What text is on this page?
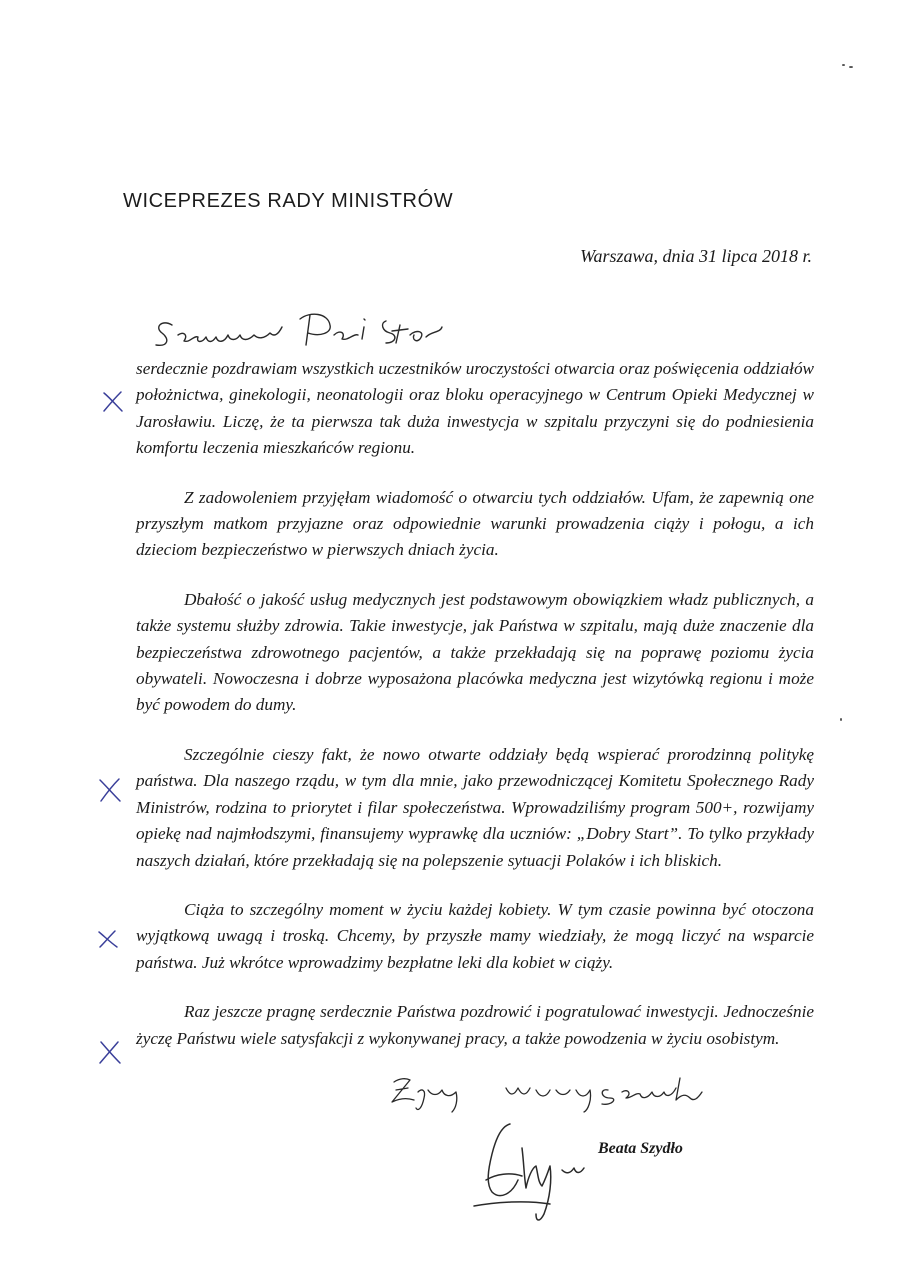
WICEPREZES RADY MINISTRÓW
Warszawa, dnia 31 lipca 2018 r.

serdecznie pozdrawiam wszystkich uczestników uroczystości otwarcia oraz poświęcenia oddziałów położnictwa, ginekologii, neonatologii oraz bloku operacyjnego w Centrum Opieki Medycznej w Jarosławiu. Liczę, że ta pierwsza tak duża inwestycja w szpitalu przyczyni się do podniesienia komfortu leczenia mieszkańców regionu.

Z zadowoleniem przyjęłam wiadomość o otwarciu tych oddziałów. Ufam, że zapewnią one przyszłym matkom przyjazne oraz odpowiednie warunki prowadzenia ciąży i połogu, a ich dzieciom bezpieczeństwo w pierwszych dniach życia.

Dbałość o jakość usług medycznych jest podstawowym obowiązkiem władz publicznych, a także systemu służby zdrowia. Takie inwestycje, jak Państwa w szpitalu, mają duże znaczenie dla bezpieczeństwa zdrowotnego pacjentów, a także przekładają się na poprawę poziomu życia obywateli. Nowoczesna i dobrze wyposażona placówka medyczna jest wizytówką regionu i może być powodem do dumy.

Szczególnie cieszy fakt, że nowo otwarte oddziały będą wspierać prorodzinną politykę państwa. Dla naszego rządu, w tym dla mnie, jako przewodniczącej Komitetu Społecznego Rady Ministrów, rodzina to priorytet i filar społeczeństwa. Wprowadziliśmy program 500+, rozwijamy opiekę nad najmłodszymi, finansujemy wyprawkę dla uczniów: „Dobry Start”. To tylko przykłady naszych działań, które przekładają się na polepszenie sytuacji Polaków i ich bliskich.

Ciąża to szczególny moment w życiu każdej kobiety. W tym czasie powinna być otoczona wyjątkową uwagą i troską. Chcemy, by przyszłe mamy wiedziały, że mogą liczyć na wsparcie państwa. Już wkrótce wprowadzimy bezpłatne leki dla kobiet w ciąży.

Raz jeszcze pragnę serdecznie Państwa pozdrowić i pogratulować inwestycji. Jednocześnie życzę Państwu wiele satysfakcji z wykonywanej pracy, a także powodzenia w życiu osobistym.

Beata Szydło
